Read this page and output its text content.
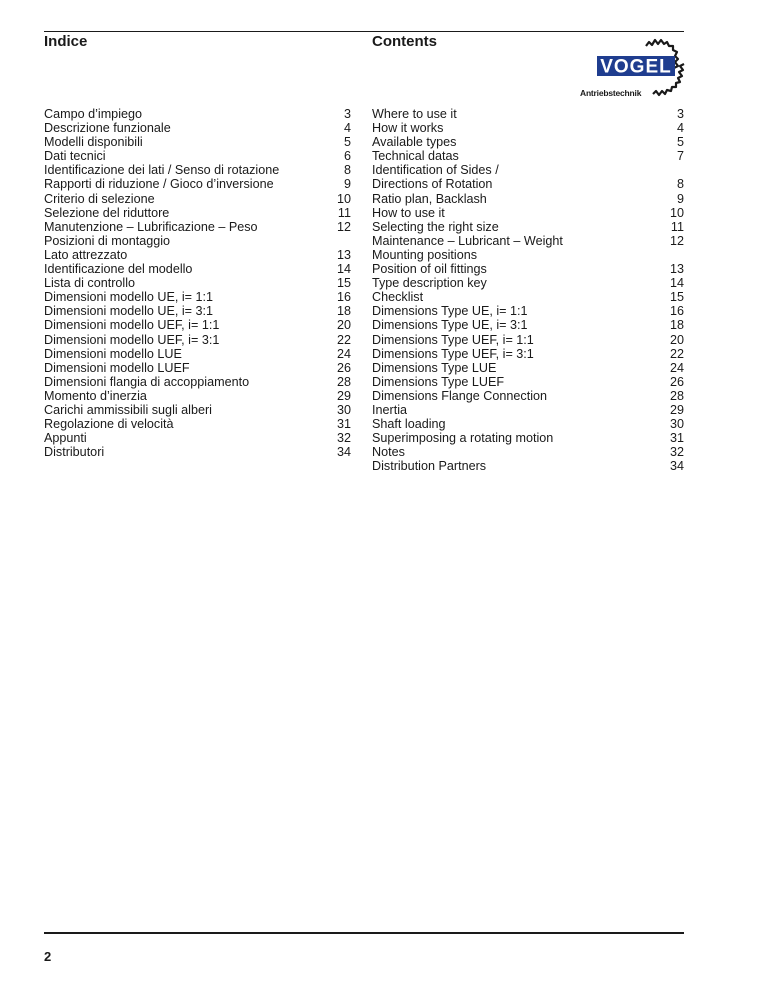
Indice	Contents
VOGEL
Antriebstechnik
Campo d’impiego	3
Descrizione funzionale	4
Modelli disponibili	5
Dati tecnici	6
Identificazione dei lati / Senso di rotazione	8
Rapporti di riduzione / Gioco d’inversione	9
Criterio di selezione	10
Selezione del riduttore	11
Manutenzione – Lubrificazione – Peso	12
Posizioni di montaggio
Lato attrezzato	13
Identificazione del modello	14
Lista di controllo	15
Dimensioni modello UE, i= 1:1	16
Dimensioni modello UE, i= 3:1	18
Dimensioni modello UEF, i= 1:1	20
Dimensioni modello UEF, i= 3:1	22
Dimensioni modello LUE	24
Dimensioni modello LUEF	26
Dimensioni flangia di accoppiamento	28
Momento d’inerzia	29
Carichi ammissibili sugli alberi	30
Regolazione di velocità	31
Appunti	32
Distributori	34
Where to use it	3
How it works	4
Available types	5
Technical datas	7
Identification of Sides /
Directions of Rotation	8
Ratio plan, Backlash	9
How to use it	10
Selecting the right size	11
Maintenance – Lubricant – Weight	12
Mounting positions
Position of oil fittings	13
Type description key	14
Checklist	15
Dimensions Type UE, i= 1:1	16
Dimensions Type UE, i= 3:1	18
Dimensions Type UEF, i= 1:1	20
Dimensions Type UEF, i= 3:1	22
Dimensions Type LUE	24
Dimensions Type LUEF	26
Dimensions Flange Connection	28
Inertia	29
Shaft loading	30
Superimposing a rotating motion	31
Notes	32
Distribution Partners	34
2
